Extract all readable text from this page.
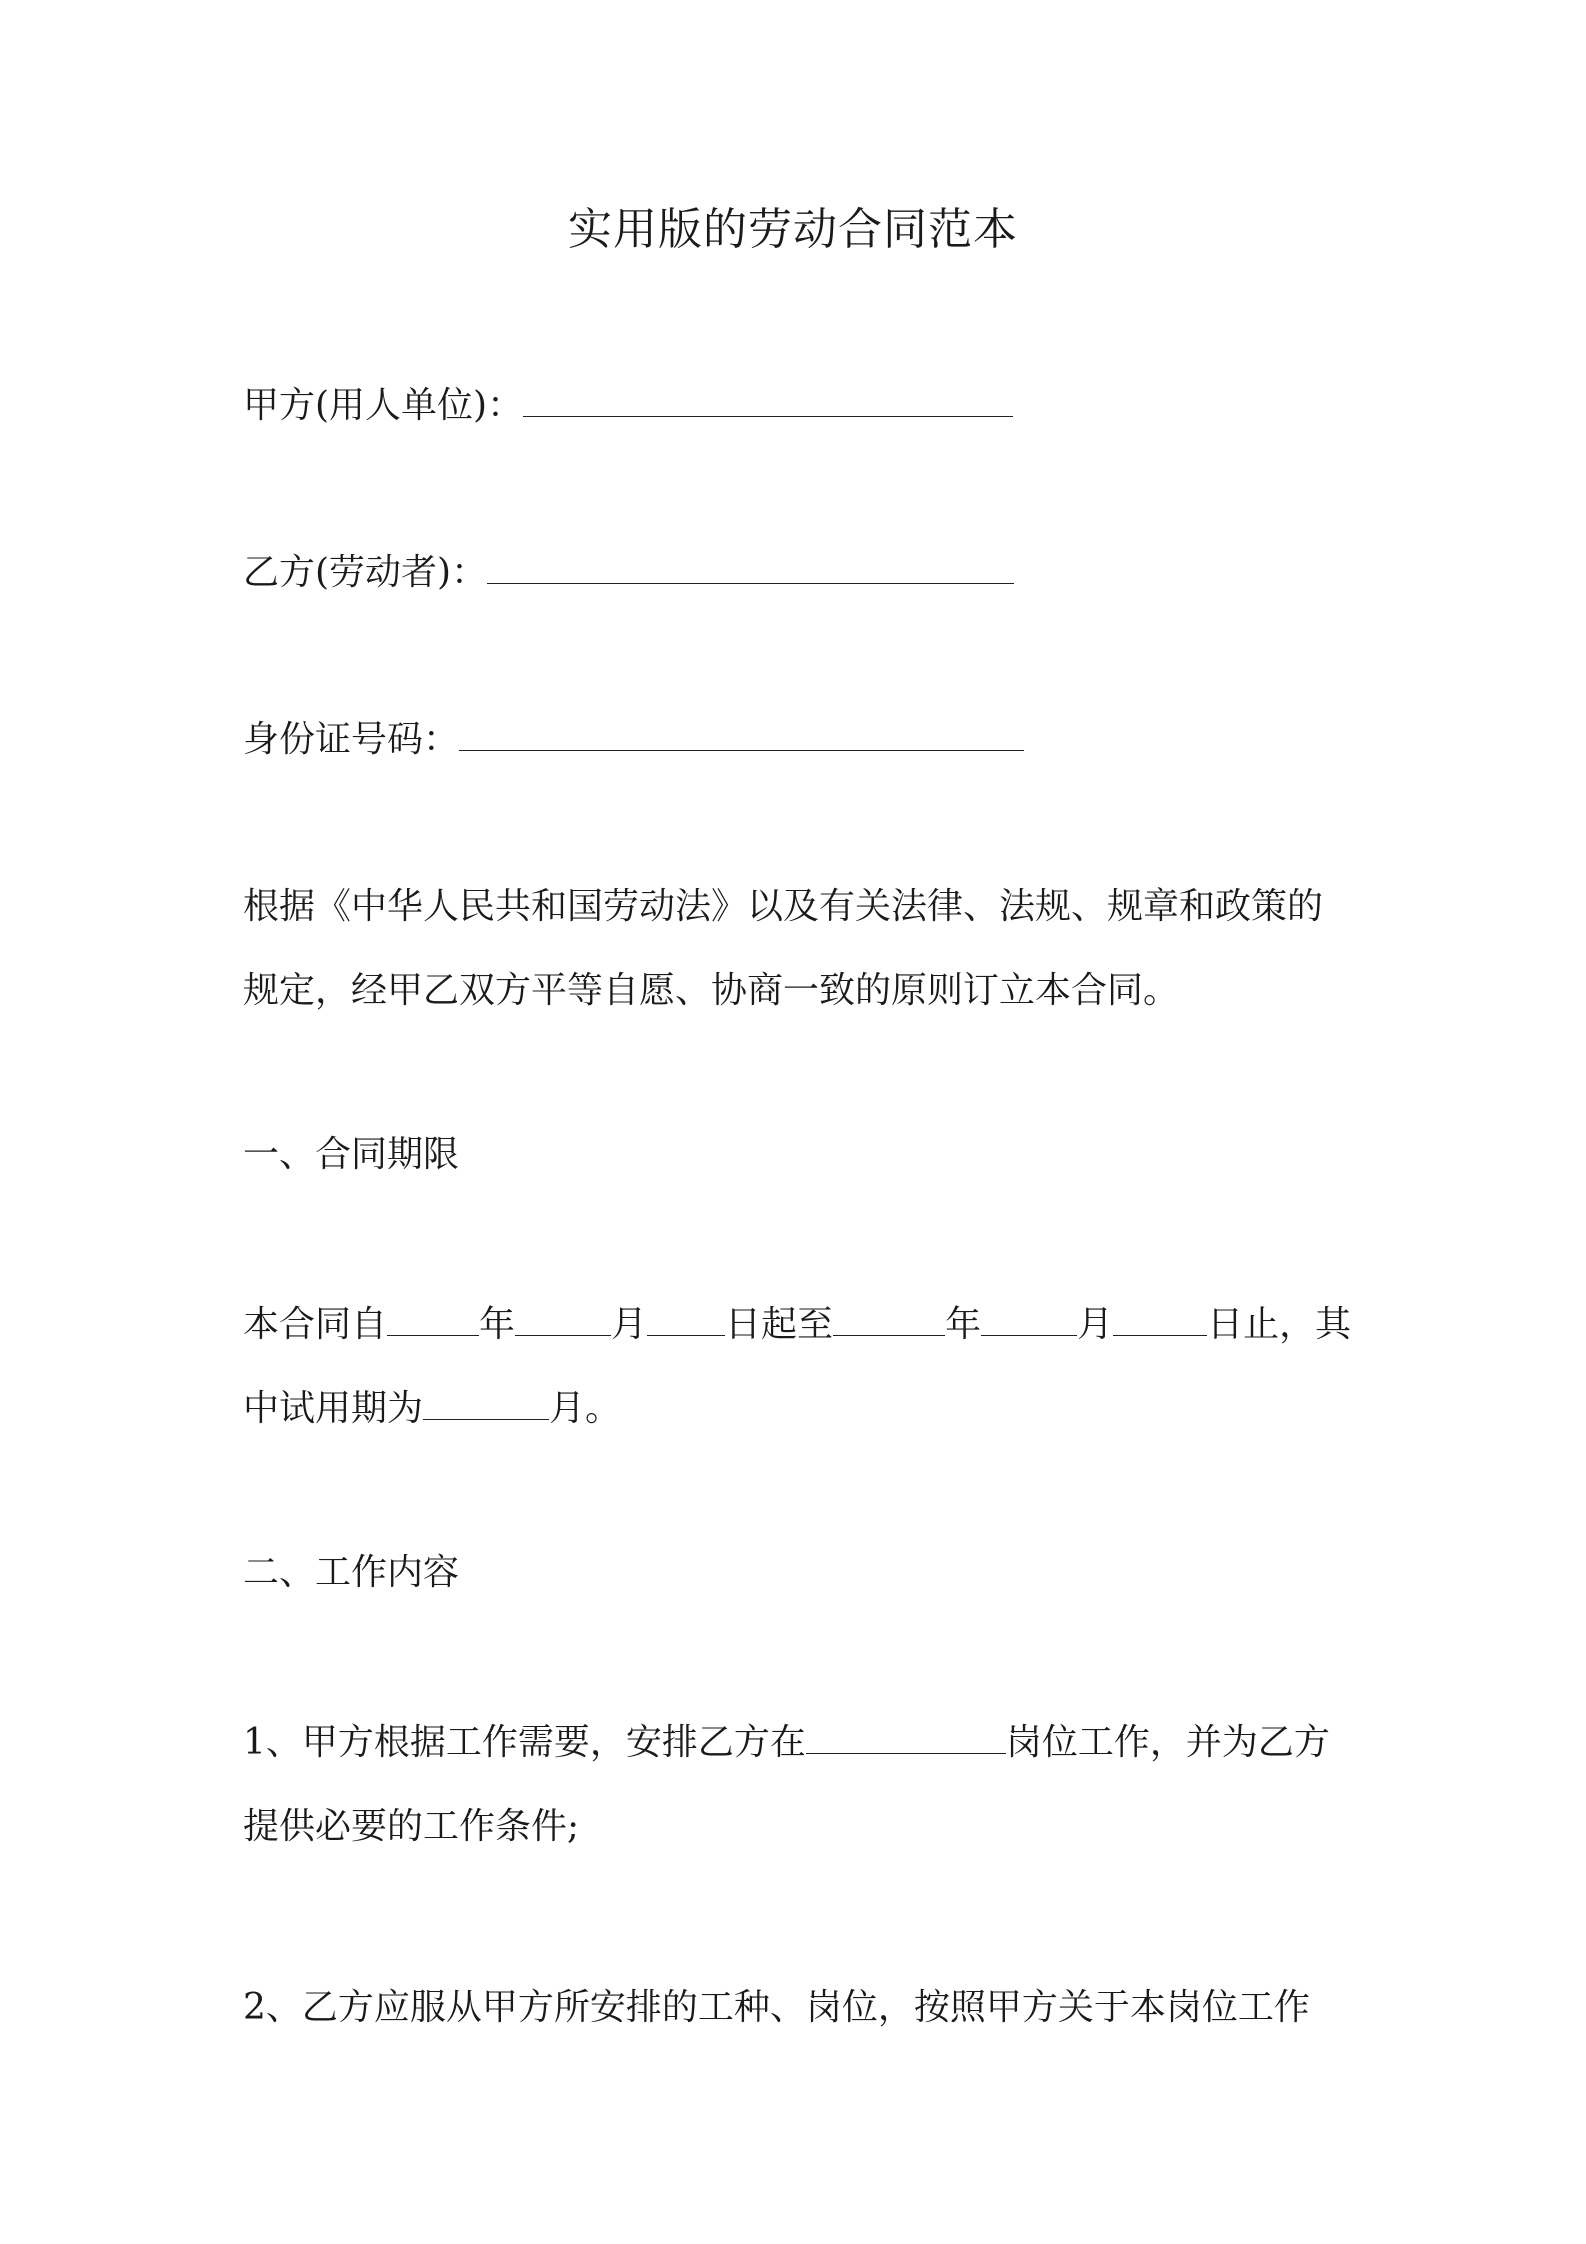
实用版的劳动合同范本
甲方(用人单位)：
乙方(劳动者)：
身份证号码：
根据《中华人民共和国劳动法》以及有关法律、法规、规章和政策的
规定，经甲乙双方平等自愿、协商一致的原则订立本合同。
一、合同期限
本合同自	年	月 日起至	年	月	日止，其
中试用期为	月。
二、工作内容
1、甲方根据工作需要，安排乙方在	岗位工作，并为乙方
提供必要的工作条件;
2、乙方应服从甲方所安排的工种、岗位，按照甲方关于本岗位工作
